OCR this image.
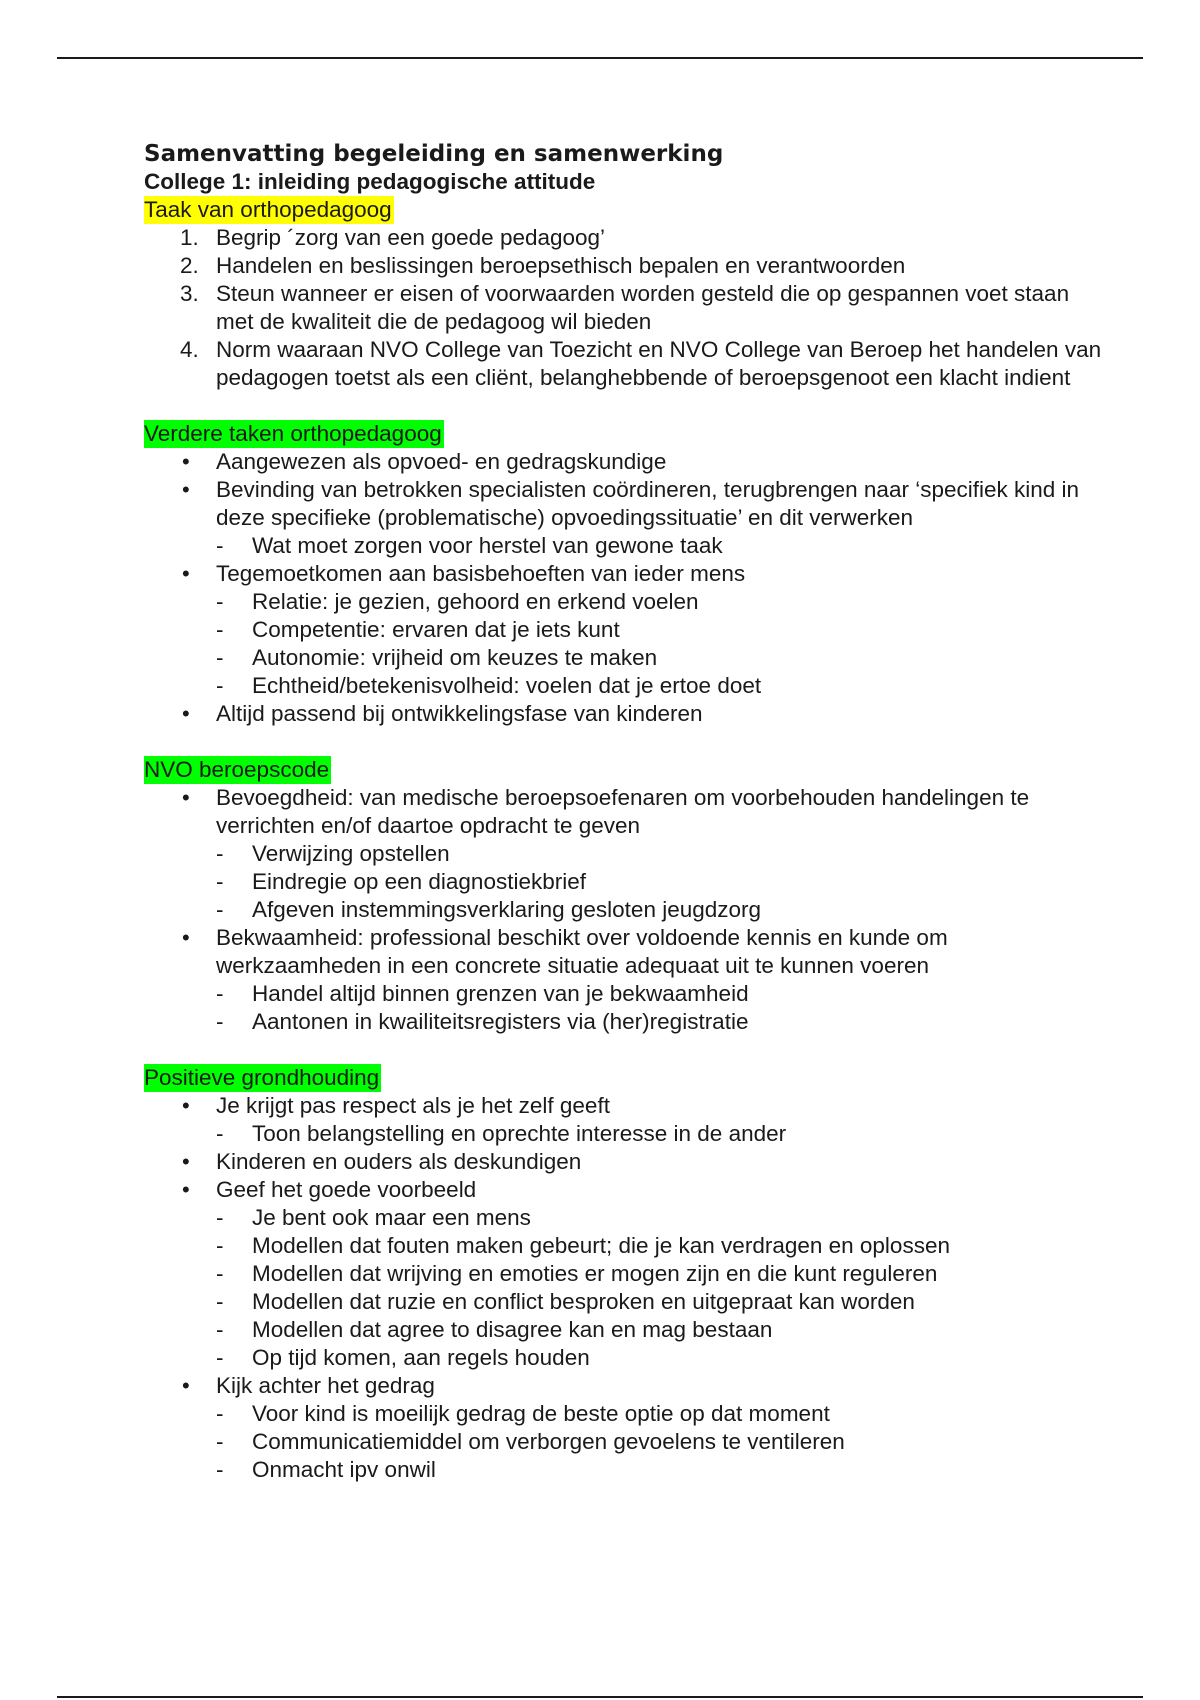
Samenvatting begeleiding en samenwerking
College 1: inleiding pedagogische attitude
Taak van orthopedagoog
1. Begrip ´zorg van een goede pedagoog’
2. Handelen en beslissingen beroepsethisch bepalen en verantwoorden
3. Steun wanneer er eisen of voorwaarden worden gesteld die op gespannen voet staan met de kwaliteit die de pedagoog wil bieden
4. Norm waaraan NVO College van Toezicht en NVO College van Beroep het handelen van pedagogen toetst als een cliënt, belanghebbende of beroepsgenoot een klacht indient
Verdere taken orthopedagoog
• Aangewezen als opvoed- en gedragskundige
• Bevinding van betrokken specialisten coördineren, terugbrengen naar ‘specifiek kind in deze specifieke (problematische) opvoedingssituatie’ en dit verwerken
- Wat moet zorgen voor herstel van gewone taak
• Tegemoetkomen aan basisbehoeften van ieder mens
- Relatie: je gezien, gehoord en erkend voelen
- Competentie: ervaren dat je iets kunt
- Autonomie: vrijheid om keuzes te maken
- Echtheid/betekenisvolheid: voelen dat je ertoe doet
• Altijd passend bij ontwikkelingsfase van kinderen
NVO beroepscode
• Bevoegdheid: van medische beroepsoefenaren om voorbehouden handelingen te verrichten en/of daartoe opdracht te geven
- Verwijzing opstellen
- Eindregie op een diagnostiekbrief
- Afgeven instemmingsverklaring gesloten jeugdzorg
• Bekwaamheid: professional beschikt over voldoende kennis en kunde om werkzaamheden in een concrete situatie adequaat uit te kunnen voeren
- Handel altijd binnen grenzen van je bekwaamheid
- Aantonen in kwailiteitsregisters via (her)registratie
Positieve grondhouding
• Je krijgt pas respect als je het zelf geeft
- Toon belangstelling en oprechte interesse in de ander
• Kinderen en ouders als deskundigen
• Geef het goede voorbeeld
- Je bent ook maar een mens
- Modellen dat fouten maken gebeurt; die je kan verdragen en oplossen
- Modellen dat wrijving en emoties er mogen zijn en die kunt reguleren
- Modellen dat ruzie en conflict besproken en uitgepraat kan worden
- Modellen dat agree to disagree kan en mag bestaan
- Op tijd komen, aan regels houden
• Kijk achter het gedrag
- Voor kind is moeilijk gedrag de beste optie op dat moment
- Communicatiemiddel om verborgen gevoelens te ventileren
- Onmacht ipv onwil
